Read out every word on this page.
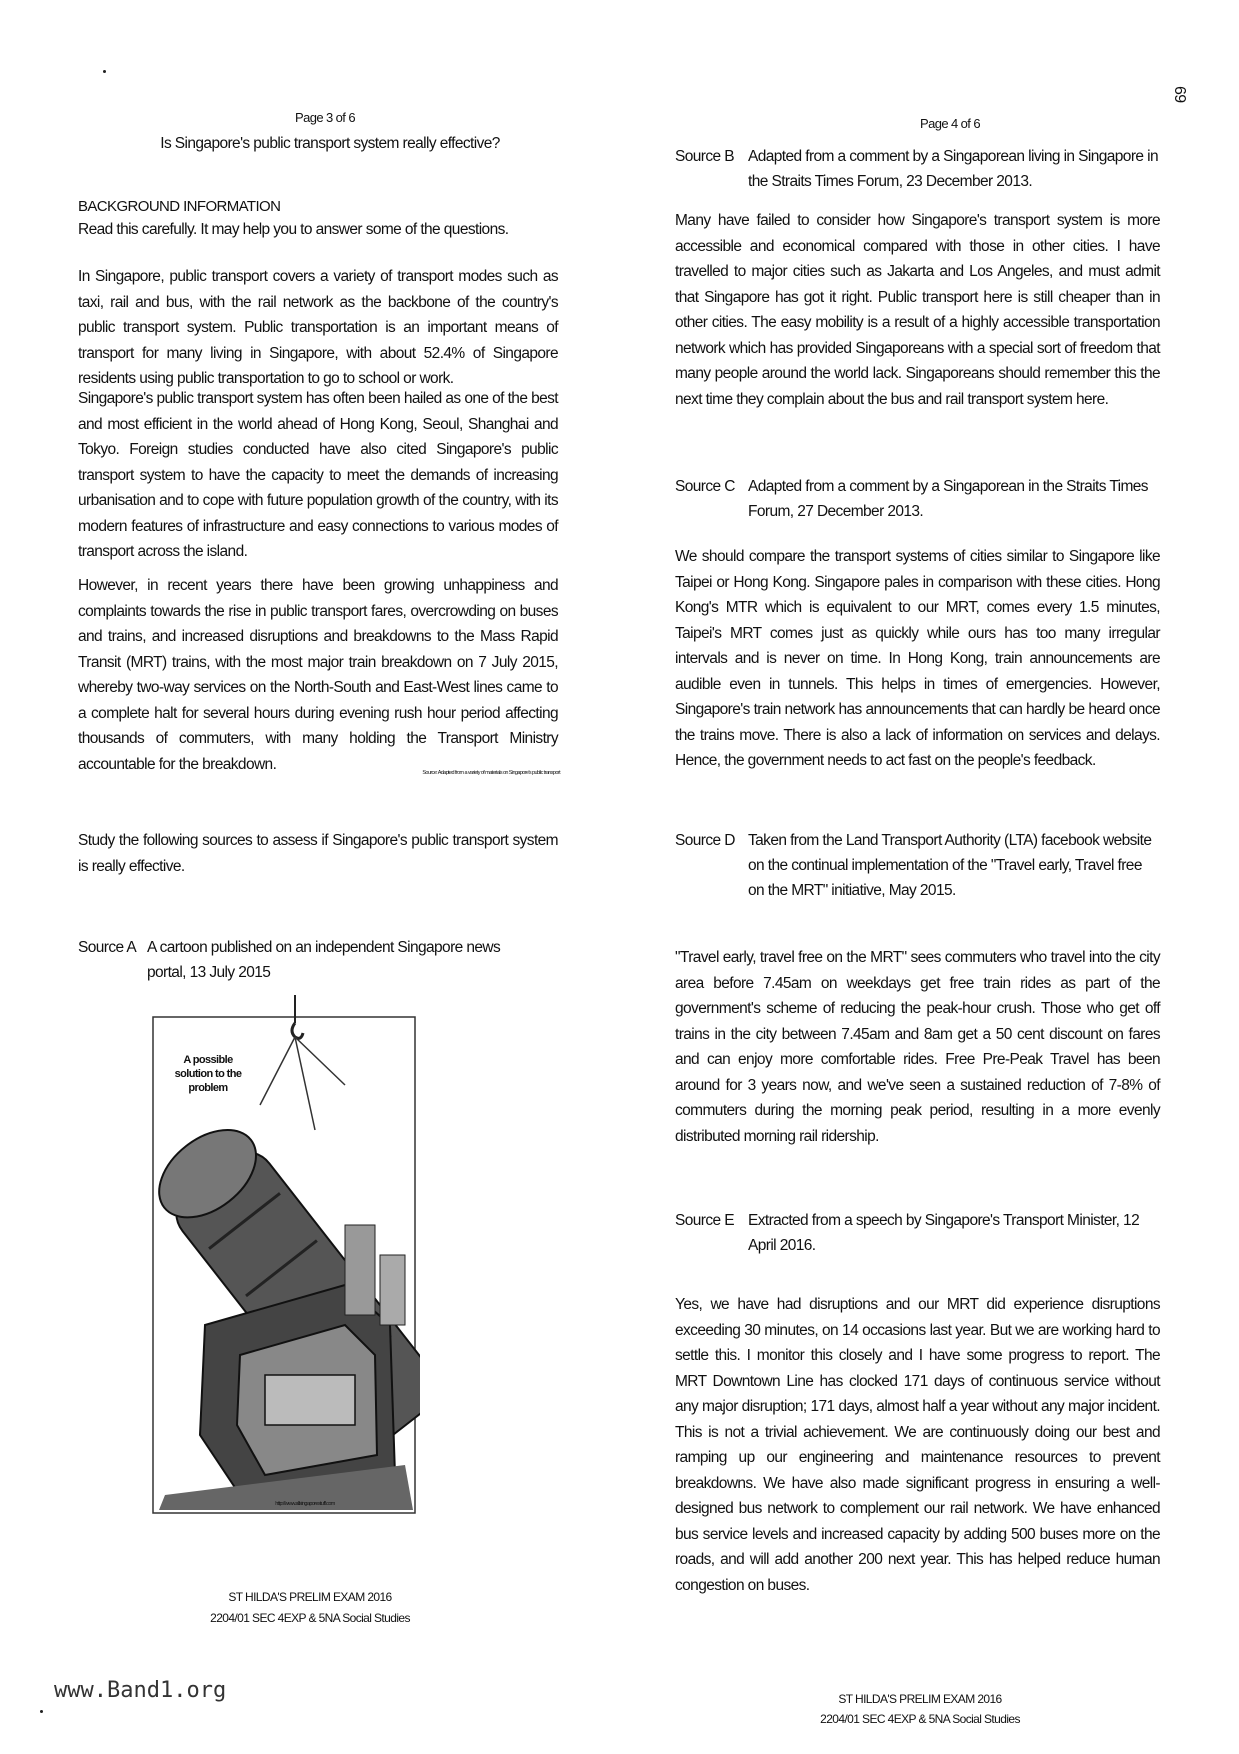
69
Page 3 of 6
Is Singapore's public transport system really effective?
BACKGROUND INFORMATION
Read this carefully. It may help you to answer some of the questions.
In Singapore, public transport covers a variety of transport modes such as taxi, rail and bus, with the rail network as the backbone of the country's public transport system. Public transportation is an important means of transport for many living in Singapore, with about 52.4% of Singapore residents using public transportation to go to school or work.
Singapore's public transport system has often been hailed as one of the best and most efficient in the world ahead of Hong Kong, Seoul, Shanghai and Tokyo. Foreign studies conducted have also cited Singapore's public transport system to have the capacity to meet the demands of increasing urbanisation and to cope with future population growth of the country, with its modern features of infrastructure and easy connections to various modes of transport across the island.
However, in recent years there have been growing unhappiness and complaints towards the rise in public transport fares, overcrowding on buses and trains, and increased disruptions and breakdowns to the Mass Rapid Transit (MRT) trains, with the most major train breakdown on 7 July 2015, whereby two-way services on the North-South and East-West lines came to a complete halt for several hours during evening rush hour period affecting thousands of commuters, with many holding the Transport Ministry accountable for the breakdown.
Source: Adapted from a variety of materials on Singapore's public transport
Study the following sources to assess if Singapore's public transport system is really effective.
Source A A cartoon published on an independent Singapore news portal, 13 July 2015
A possible solution to the problem
http://www.allsingaporestuff.com
ST HILDA'S PRELIM EXAM 2016
2204/01 SEC 4EXP & 5NA Social Studies
Page 4 of 6
Source B Adapted from a comment by a Singaporean living in Singapore in the Straits Times Forum, 23 December 2013.
Many have failed to consider how Singapore's transport system is more accessible and economical compared with those in other cities. I have travelled to major cities such as Jakarta and Los Angeles, and must admit that Singapore has got it right. Public transport here is still cheaper than in other cities. The easy mobility is a result of a highly accessible transportation network which has provided Singaporeans with a special sort of freedom that many people around the world lack. Singaporeans should remember this the next time they complain about the bus and rail transport system here.
Source C Adapted from a comment by a Singaporean in the Straits Times Forum, 27 December 2013.
We should compare the transport systems of cities similar to Singapore like Taipei or Hong Kong. Singapore pales in comparison with these cities. Hong Kong's MTR which is equivalent to our MRT, comes every 1.5 minutes, Taipei's MRT comes just as quickly while ours has too many irregular intervals and is never on time. In Hong Kong, train announcements are audible even in tunnels. This helps in times of emergencies. However, Singapore's train network has announcements that can hardly be heard once the trains move. There is also a lack of information on services and delays. Hence, the government needs to act fast on the people's feedback.
Source D Taken from the Land Transport Authority (LTA) facebook website on the continual implementation of the "Travel early, Travel free on the MRT" initiative, May 2015.
"Travel early, travel free on the MRT" sees commuters who travel into the city area before 7.45am on weekdays get free train rides as part of the government's scheme of reducing the peak-hour crush. Those who get off trains in the city between 7.45am and 8am get a 50 cent discount on fares and can enjoy more comfortable rides. Free Pre-Peak Travel has been around for 3 years now, and we've seen a sustained reduction of 7-8% of commuters during the morning peak period, resulting in a more evenly distributed morning rail ridership.
Source E Extracted from a speech by Singapore's Transport Minister, 12 April 2016.
Yes, we have had disruptions and our MRT did experience disruptions exceeding 30 minutes, on 14 occasions last year. But we are working hard to settle this. I monitor this closely and I have some progress to report. The MRT Downtown Line has clocked 171 days of continuous service without any major disruption; 171 days, almost half a year without any major incident. This is not a trivial achievement. We are continuously doing our best and ramping up our engineering and maintenance resources to prevent breakdowns. We have also made significant progress in ensuring a well-designed bus network to complement our rail network. We have enhanced bus service levels and increased capacity by adding 500 buses more on the roads, and will add another 200 next year. This has helped reduce human congestion on buses.
ST HILDA'S PRELIM EXAM 2016
2204/01 SEC 4EXP & 5NA Social Studies
www.Band1.org
